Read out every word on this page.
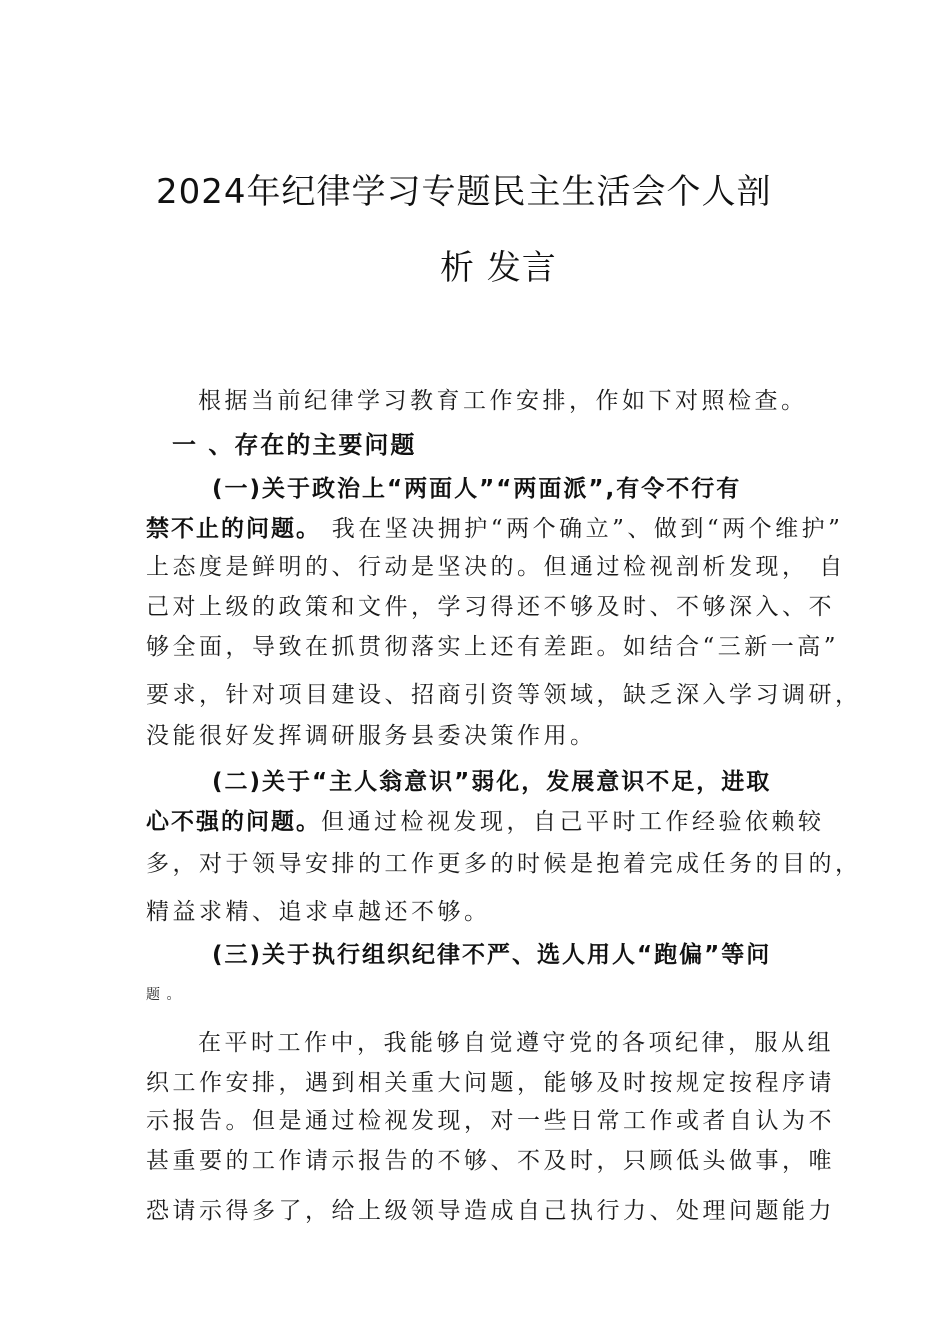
2024年纪律学习专题民主生活会个人剖
析 发言
根据当前纪律学习教育工作安排，作如下对照检查。
一 、存在的主要问题
(一)关于政治上“两面人”“两面派”,有令不行有
禁不止的问题。 我在坚决拥护“两个确立”、做到“两个维护”
上态度是鲜明的、行动是坚决的。但通过检视剖析发现， 自
己对上级的政策和文件，学习得还不够及时、不够深入、不
够全面，导致在抓贯彻落实上还有差距。如结合“三新一高”
要求，针对项目建设、招商引资等领域，缺乏深入学习调研，
没能很好发挥调研服务县委决策作用。
(二)关于“主人翁意识”弱化，发展意识不足，进取
心不强的问题。但通过检视发现，自己平时工作经验依赖较
多，对于领导安排的工作更多的时候是抱着完成任务的目的，
精益求精、追求卓越还不够。
(三)关于执行组织纪律不严、选人用人“跑偏”等问
题 。
在平时工作中，我能够自觉遵守党的各项纪律，服从组
织工作安排，遇到相关重大问题，能够及时按规定按程序请
示报告。但是通过检视发现，对一些日常工作或者自认为不
甚重要的工作请示报告的不够、不及时，只顾低头做事，唯
恐请示得多了，给上级领导造成自己执行力、处理问题能力
